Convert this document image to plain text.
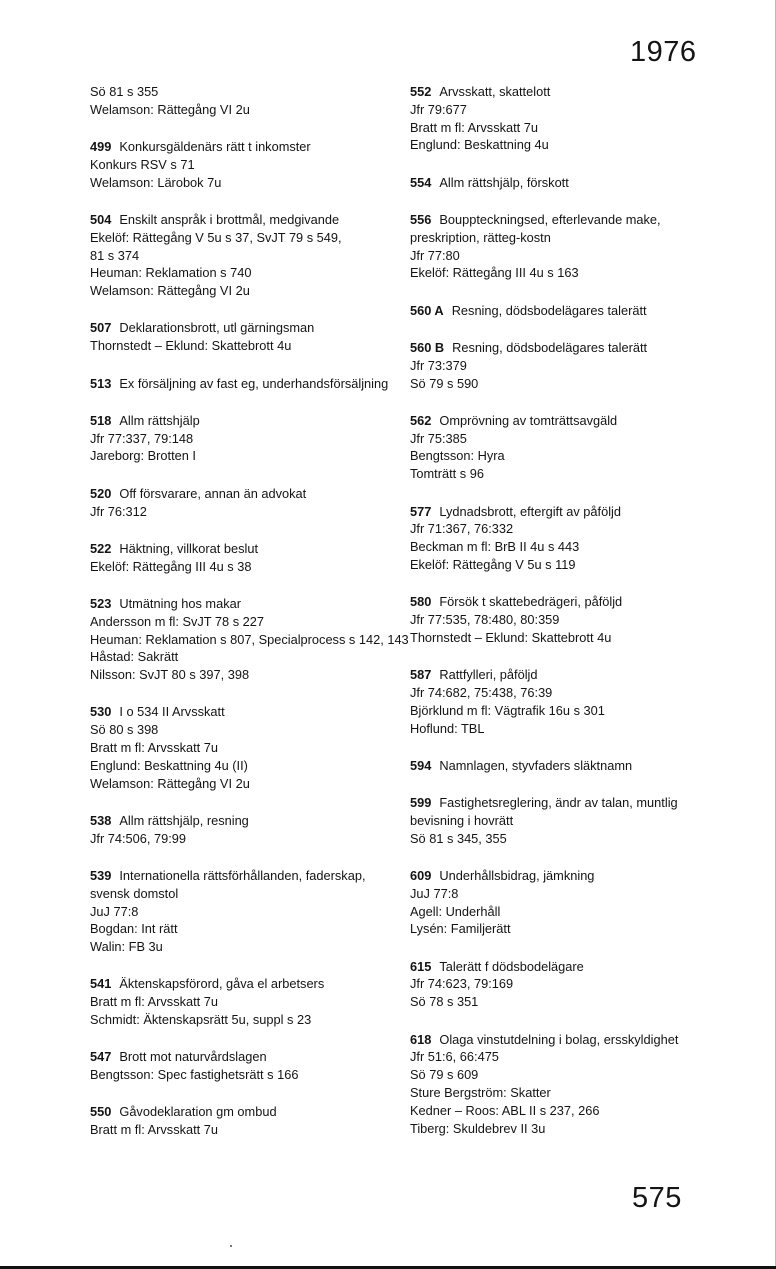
1976
Sö 81 s 355
Welamson: Rättegång VI 2u
499 Konkursgäldenärs rätt t inkomster
Konkurs RSV s 71
Welamson: Lärobok 7u
504 Enskilt anspråk i brottmål, medgivande
Ekelöf: Rättegång V 5u s 37, SvJT 79 s 549,
81 s 374
Heuman: Reklamation s 740
Welamson: Rättegång VI 2u
507 Deklarationsbrott, utl gärningsman
Thornstedt – Eklund: Skattebrott 4u
513 Ex försäljning av fast eg, underhandsförsäljning
518 Allm rättshjälp
Jfr 77:337, 79:148
Jareborg: Brotten I
520 Off försvarare, annan än advokat
Jfr 76:312
522 Häktning, villkorat beslut
Ekelöf: Rättegång III 4u s 38
523 Utmätning hos makar
Andersson m fl: SvJT 78 s 227
Heuman: Reklamation s 807, Specialprocess s 142, 143
Håstad: Sakrätt
Nilsson: SvJT 80 s 397, 398
530 I o 534 II Arvsskatt
Sö 80 s 398
Bratt m fl: Arvsskatt 7u
Englund: Beskattning 4u (II)
Welamson: Rättegång VI 2u
538 Allm rättshjälp, resning
Jfr 74:506, 79:99
539 Internationella rättsförhållanden, faderskap, svensk domstol
JuJ 77:8
Bogdan: Int rätt
Walin: FB 3u
541 Äktenskapsförord, gåva el arbetsers
Bratt m fl: Arvsskatt 7u
Schmidt: Äktenskapsrätt 5u, suppl s 23
547 Brott mot naturvårdslagen
Bengtsson: Spec fastighetsrätt s 166
550 Gåvodeklaration gm ombud
Bratt m fl: Arvsskatt 7u
552 Arvsskatt, skattelott
Jfr 79:677
Bratt m fl: Arvsskatt 7u
Englund: Beskattning 4u
554 Allm rättshjälp, förskott
556 Bouppteckningsed, efterlevande make, preskription, rätteg-kostn
Jfr 77:80
Ekelöf: Rättegång III 4u s 163
560 A Resning, dödsbodelägares talerätt
560 B Resning, dödsbodelägares talerätt
Jfr 73:379
Sö 79 s 590
562 Omprövning av tomträttsavgäld
Jfr 75:385
Bengtsson: Hyra
Tomträtt s 96
577 Lydnadsbrott, eftergift av påföljd
Jfr 71:367, 76:332
Beckman m fl: BrB II 4u s 443
Ekelöf: Rättegång V 5u s 119
580 Försök t skattebedrägeri, påföljd
Jfr 77:535, 78:480, 80:359
Thornstedt – Eklund: Skattebrott 4u
587 Rattfylleri, påföljd
Jfr 74:682, 75:438, 76:39
Björklund m fl: Vägtrafik 16u s 301
Hoflund: TBL
594 Namnlagen, styvfaders släktnamn
599 Fastighetsreglering, ändr av talan, muntlig bevisning i hovrätt
Sö 81 s 345, 355
609 Underhållsbidrag, jämkning
JuJ 77:8
Agell: Underhåll
Lysén: Familjerätt
615 Talerätt f dödsbodelägare
Jfr 74:623, 79:169
Sö 78 s 351
618 Olaga vinstutdelning i bolag, ersskyldighet
Jfr 51:6, 66:475
Sö 79 s 609
Sture Bergström: Skatter
Kedner – Roos: ABL II s 237, 266
Tiberg: Skuldebrev II 3u
575
